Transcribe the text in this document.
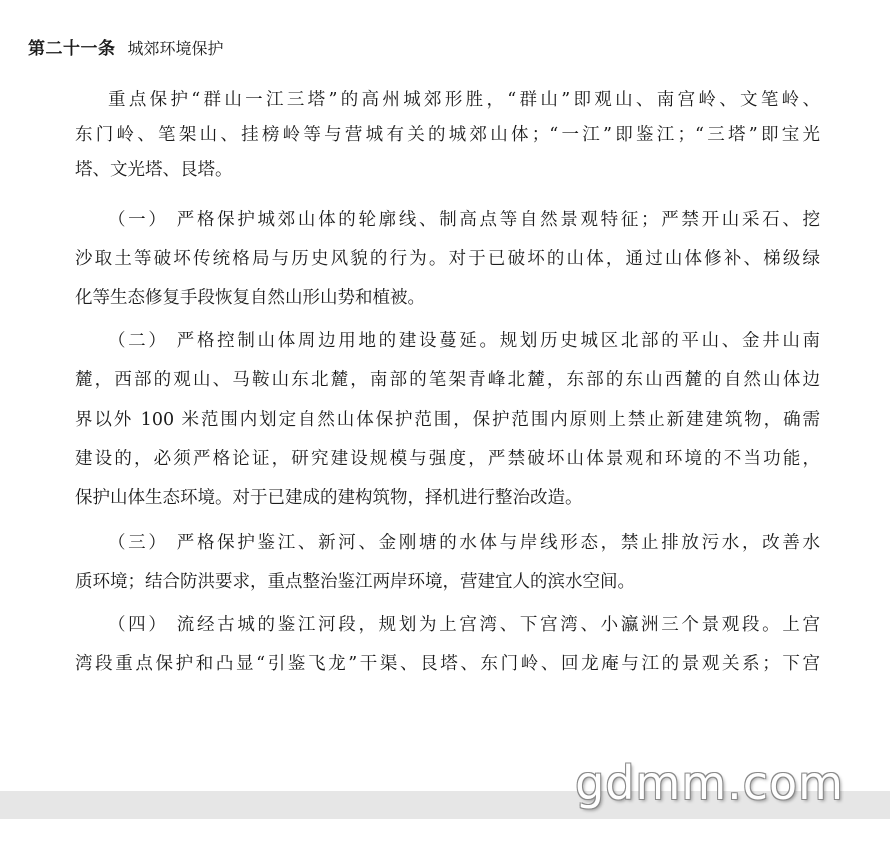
第二十一条 城郊环境保护
重点保护“群山一江三塔”的高州城郊形胜，“群山”即观山、南宫岭、文笔岭、
东门岭、笔架山、挂榜岭等与营城有关的城郊山体；“一江”即鉴江；“三塔”即宝光
塔、文光塔、艮塔。
（一） 严格保护城郊山体的轮廓线、制高点等自然景观特征；严禁开山采石、挖
沙取土等破坏传统格局与历史风貌的行为。对于已破坏的山体，通过山体修补、梯级绿
化等生态修复手段恢复自然山形山势和植被。
（二） 严格控制山体周边用地的建设蔓延。规划历史城区北部的平山、金井山南
麓，西部的观山、马鞍山东北麓，南部的笔架青峰北麓，东部的东山西麓的自然山体边
界以外 100 米范围内划定自然山体保护范围，保护范围内原则上禁止新建建筑物，确需
建设的，必须严格论证，研究建设规模与强度，严禁破坏山体景观和环境的不当功能，
保护山体生态环境。对于已建成的建构筑物，择机进行整治改造。
（三） 严格保护鉴江、新河、金刚塘的水体与岸线形态，禁止排放污水，改善水
质环境；结合防洪要求，重点整治鉴江两岸环境，营建宜人的滨水空间。
（四） 流经古城的鉴江河段，规划为上宫湾、下宫湾、小瀛洲三个景观段。上宫
湾段重点保护和凸显“引鉴飞龙”干渠、艮塔、东门岭、回龙庵与江的景观关系；下宫
gdmm.com
